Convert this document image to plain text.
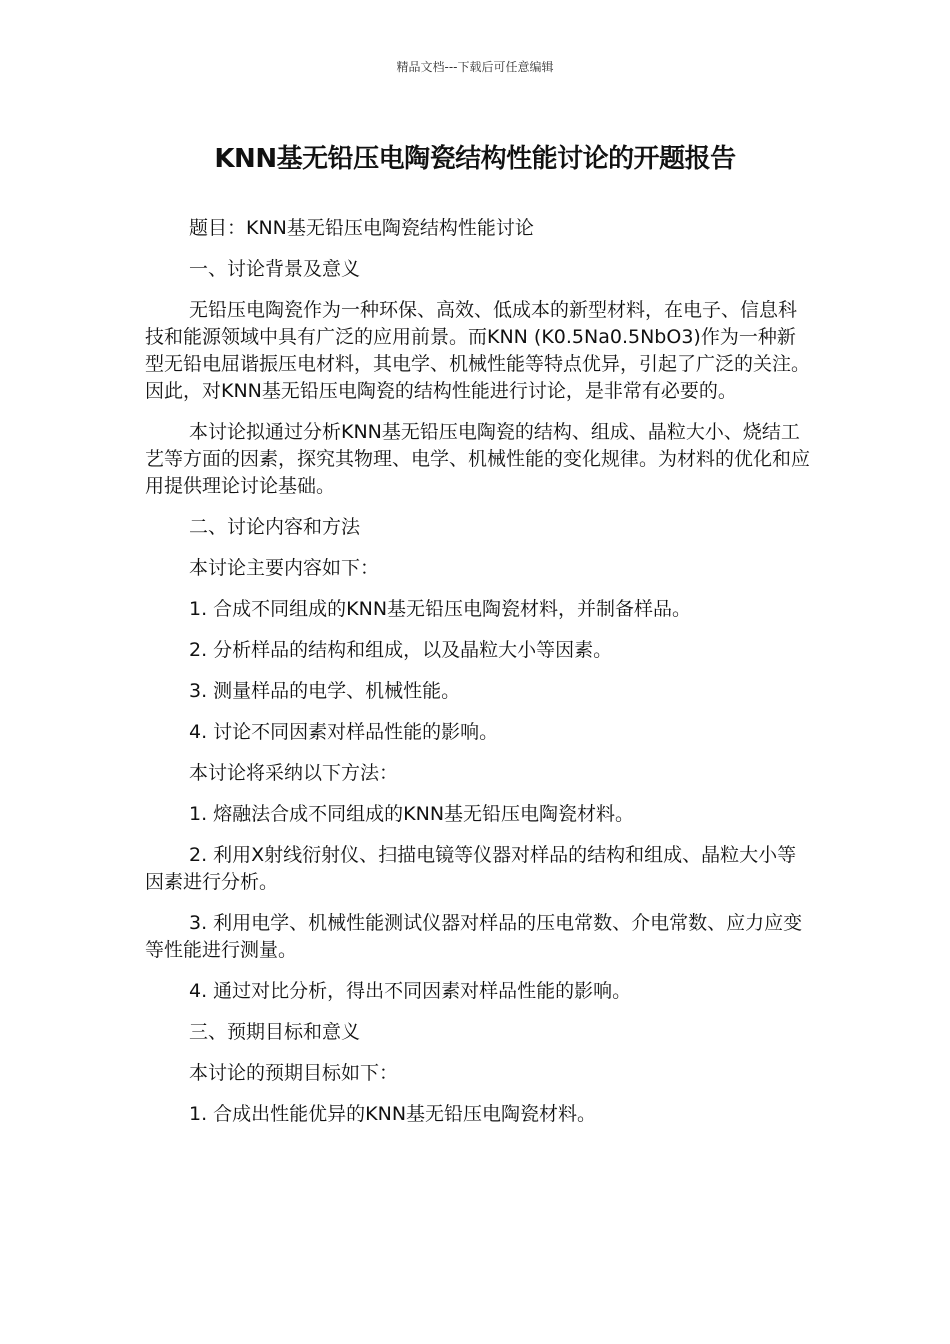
精品文档---下载后可任意编辑
KNN基无铅压电陶瓷结构性能讨论的开题报告

题目：KNN基无铅压电陶瓷结构性能讨论

一、讨论背景及意义

无铅压电陶瓷作为一种环保、高效、低成本的新型材料，在电子、信息科技和能源领域中具有广泛的应用前景。而KNN (K0.5Na0.5NbO3)作为一种新型无铅电屈谐振压电材料，其电学、机械性能等特点优异，引起了广泛的关注。因此，对KNN基无铅压电陶瓷的结构性能进行讨论，是非常有必要的。

本讨论拟通过分析KNN基无铅压电陶瓷的结构、组成、晶粒大小、烧结工艺等方面的因素，探究其物理、电学、机械性能的变化规律。为材料的优化和应用提供理论讨论基础。

二、讨论内容和方法

本讨论主要内容如下：

1. 合成不同组成的KNN基无铅压电陶瓷材料，并制备样品。

2. 分析样品的结构和组成，以及晶粒大小等因素。

3. 测量样品的电学、机械性能。

4. 讨论不同因素对样品性能的影响。

本讨论将采纳以下方法：

1. 熔融法合成不同组成的KNN基无铅压电陶瓷材料。

2. 利用X射线衍射仪、扫描电镜等仪器对样品的结构和组成、晶粒大小等因素进行分析。

3. 利用电学、机械性能测试仪器对样品的压电常数、介电常数、应力应变等性能进行测量。

4. 通过对比分析，得出不同因素对样品性能的影响。

三、预期目标和意义

本讨论的预期目标如下：

1. 合成出性能优异的KNN基无铅压电陶瓷材料。
